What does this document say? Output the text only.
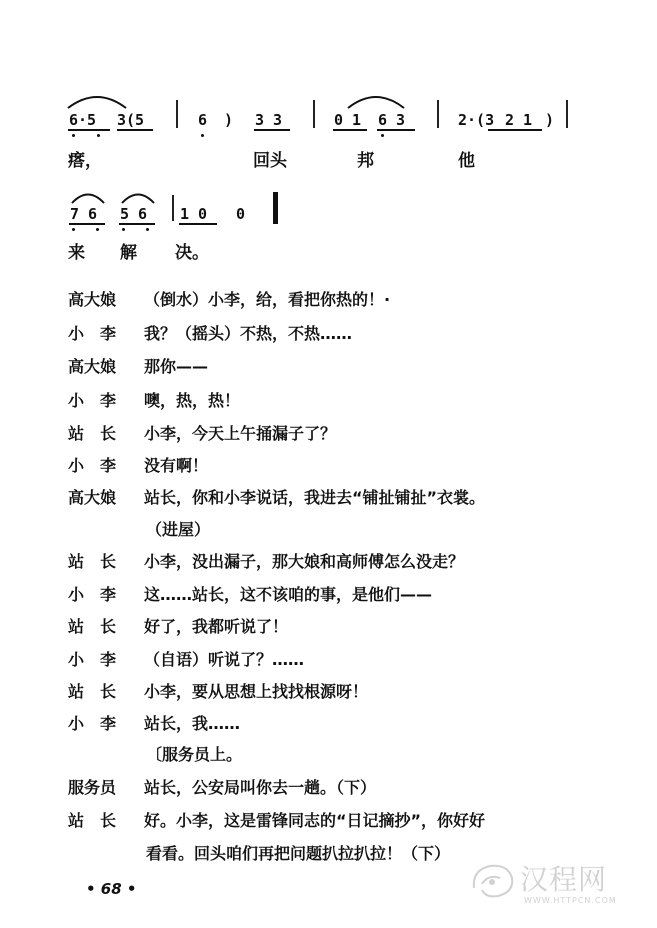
6·5 3(5	6 ) 3 3	0 1 6 3	2·(3 2 1 )
瘩，	回头	邦	他
7 6 5 6 1 0 0
来 解 决。
高大娘 （倒水）小李，给，看把你热的！·
小　李 我？（摇头）不热，不热……
高大娘 那你——
小　李 噢，热，热！
站　长 小李，今天上午捅漏子了？
小　李 没有啊！
高大娘 站长，你和小李说话，我进去“铺扯铺扯”衣裳。
（进屋）
站　长 小李，没出漏子，那大娘和高师傅怎么没走？
小　李 这……站长，这不该咱的事，是他们——
站　长 好了，我都听说了！
小　李 （自语）听说了？……
站　长 小李，要从思想上找找根源呀！
小　李 站长，我……
〔服务员上。
服务员 站长，公安局叫你去一趟。（下）
站　长 好。小李，这是雷锋同志的“日记摘抄”，你好好
看看。回头咱们再把问题扒拉扒拉！（下）
• 68 •	汉程网
WWW.HTTPCN.COM
